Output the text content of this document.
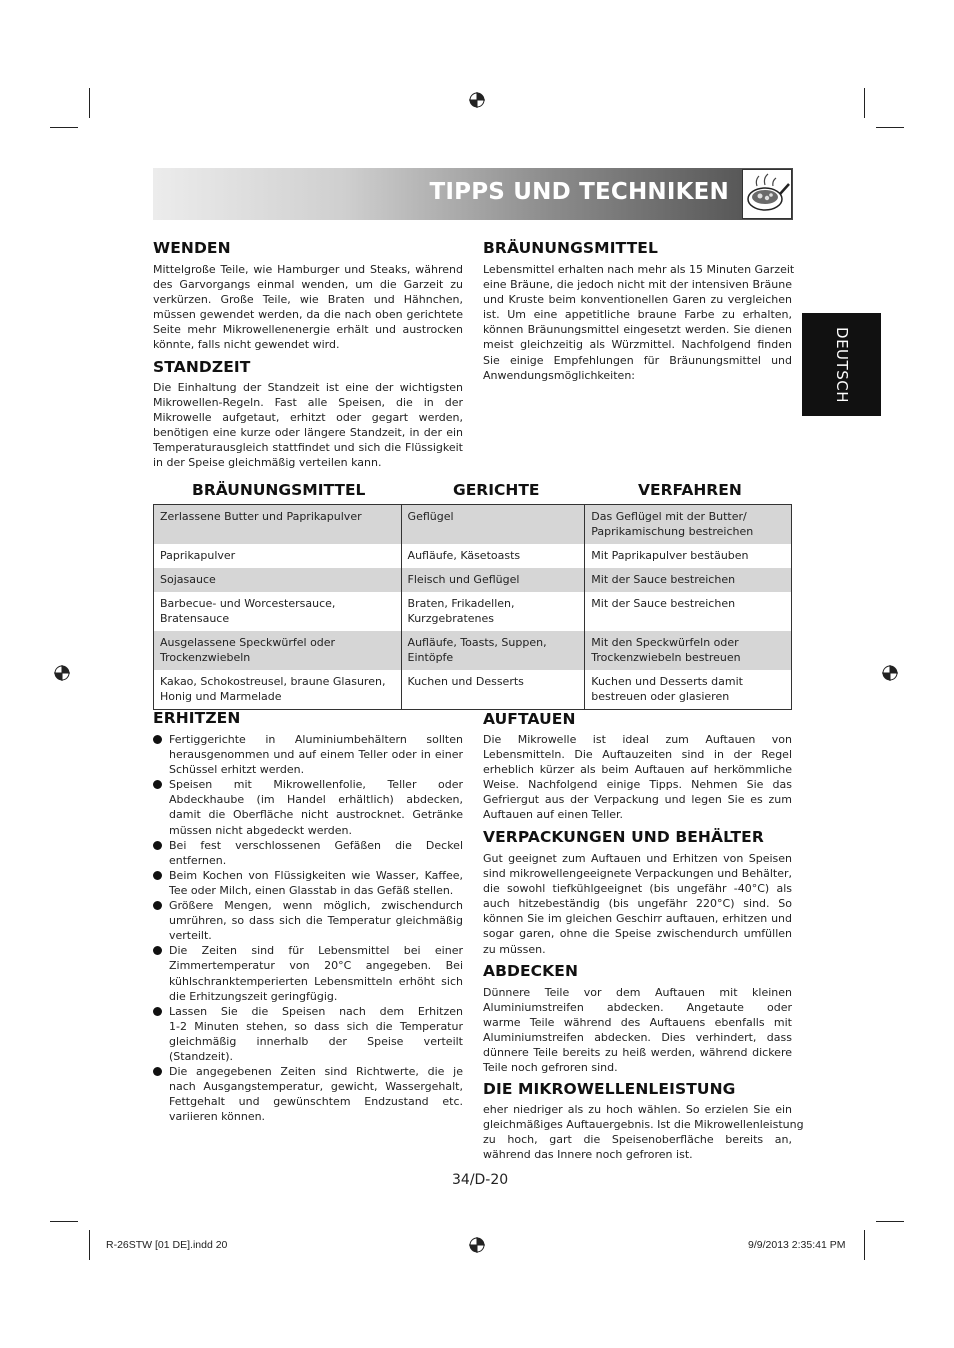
TIPPS UND TECHNIKEN
DEUTSCH
WENDEN
Mittelgroße Teile, wie Hamburger und Steaks, während
des Garvorgangs einmal wenden, um die Garzeit zu
verkürzen. Große Teile, wie Braten und Hähnchen,
müssen gewendet werden, da die nach oben gerichtete
Seite mehr Mikrowellenenergie erhält und austrocken
könnte, falls nicht gewendet wird.
STANDZEIT
Die Einhaltung der Standzeit ist eine der wichtigsten
Mikrowellen-Regeln. Fast alle Speisen, die in der
Mikrowelle aufgetaut, erhitzt oder gegart werden,
benötigen eine kurze oder längere Standzeit, in der ein
Temperaturausgleich stattfindet und sich die Flüssigkeit
in der Speise gleichmäßig verteilen kann.
BRÄUNUNGSMITTEL
Lebensmittel erhalten nach mehr als 15 Minuten Garzeit
eine Bräune, die jedoch nicht mit der intensiven Bräune
und Kruste beim konventionellen Garen zu vergleichen
ist. Um eine appetitliche braune Farbe zu erhalten,
können Bräunungsmittel eingesetzt werden. Sie dienen
meist gleichzeitig als Würzmittel. Nachfolgend finden
Sie einige Empfehlungen für Bräunungsmittel und
Anwendungsmöglichkeiten:
BRÄUNUNGSMITTEL	GERICHTE	VERFAHREN
Zerlassene Butter und Paprikapulver	Geflügel	Das Geflügel mit der Butter/
Paprikamischung bestreichen

Paprikapulver	Aufläufe, Käsetoasts	Mit Paprikapulver bestäuben

Sojasauce	Fleisch und Geflügel	Mit der Sauce bestreichen

Barbecue- und Worcestersauce,
Bratensauce	Braten, Frikadellen,
Kurzgebratenes	Mit der Sauce bestreichen

Ausgelassene Speckwürfel oder
Trockenzwiebeln	Aufläufe, Toasts, Suppen,
Eintöpfe	Mit den Speckwürfeln oder
Trockenzwiebeln bestreuen

Kakao, Schokostreusel, braune Glasuren,
Honig und Marmelade	Kuchen und Desserts	Kuchen und Desserts damit
bestreuen oder glasieren
ERHITZEN
Fertiggerichte in Aluminiumbehältern sollten
herausgenommen und auf einem Teller oder in einer
Schüssel erhitzt werden.
Speisen mit Mikrowellenfolie, Teller oder
Abdeckhaube (im Handel erhältlich) abdecken,
damit die Oberfläche nicht austrocknet. Getränke
müssen nicht abgedeckt werden.
Bei fest verschlossenen Gefäßen die Deckel
entfernen.
Beim Kochen von Flüssigkeiten wie Wasser, Kaffee,
Tee oder Milch, einen Glasstab in das Gefäß stellen.
Größere Mengen, wenn möglich, zwischendurch
umrühren, so dass sich die Temperatur gleichmäßig
verteilt.
Die Zeiten sind für Lebensmittel bei einer
Zimmertemperatur von 20°C angegeben. Bei
kühlschranktemperierten Lebensmitteln erhöht sich
die Erhitzungszeit geringfügig.
Lassen Sie die Speisen nach dem Erhitzen
1-2 Minuten stehen, so dass sich die Temperatur
gleichmäßig innerhalb der Speise verteilt
(Standzeit).
Die angegebenen Zeiten sind Richtwerte, die je
nach Ausgangstemperatur, gewicht, Wassergehalt,
Fettgehalt und gewünschtem Endzustand etc.
variieren können.
AUFTAUEN
Die Mikrowelle ist ideal zum Auftauen von
Lebensmitteln. Die Auftauzeiten sind in der Regel
erheblich kürzer als beim Auftauen auf herkömmliche
Weise. Nachfolgend einige Tipps. Nehmen Sie das
Gefriergut aus der Verpackung und legen Sie es zum
Auftauen auf einen Teller.
VERPACKUNGEN UND BEHÄLTER
Gut geeignet zum Auftauen und Erhitzen von Speisen
sind mikrowellengeeignete Verpackungen und Behälter,
die sowohl tiefkühlgeeignet (bis ungefähr -40°C) als
auch hitzebeständig (bis ungefähr 220°C) sind. So
können Sie im gleichen Geschirr auftauen, erhitzen und
sogar garen, ohne die Speise zwischendurch umfüllen
zu müssen.
ABDECKEN
Dünnere Teile vor dem Auftauen mit kleinen
Aluminiumstreifen abdecken. Angetaute oder
warme Teile während des Auftauens ebenfalls mit
Aluminiumstreifen abdecken. Dies verhindert, dass
dünnere Teile bereits zu heiß werden, während dickere
Teile noch gefroren sind.
DIE MIKROWELLENLEISTUNG
eher niedriger als zu hoch wählen. So erzielen Sie ein
gleichmäßiges Auftauergebnis. Ist die Mikrowellenleistung
zu hoch, gart die Speisenoberfläche bereits an,
während das Innere noch gefroren ist.
34/D-20
R-26STW [01 DE].indd 20	9/9/2013 2:35:41 PM
